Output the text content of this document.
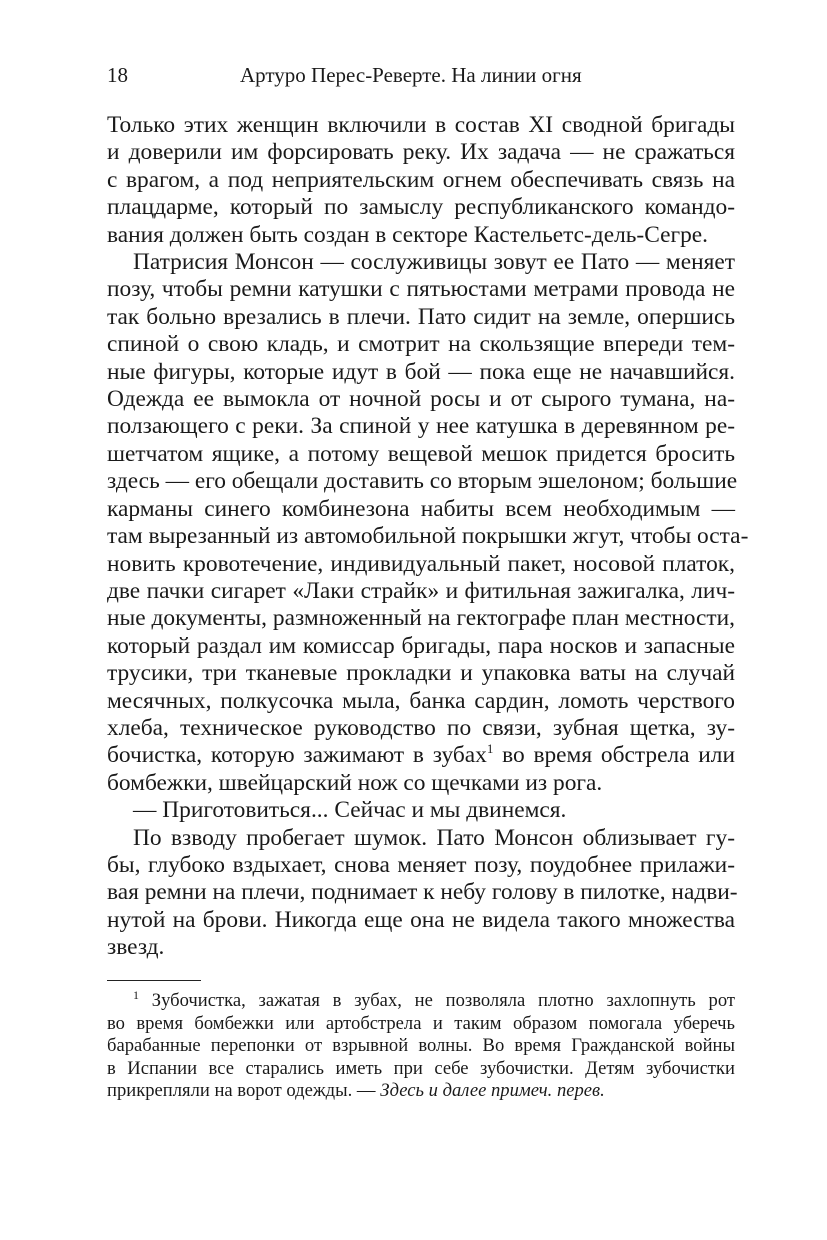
18	Артуро Перес-Реверте. На линии огня

Только этих женщин включили в состав XI сводной бригады
и доверили им форсировать реку. Их задача — не сражаться
с врагом, а под неприятельским огнем обеспечивать связь на
плацдарме, который по замыслу республиканского командо-
вания должен быть создан в секторе Кастельетс-дель-Сегре.

Патрисия Монсон — сослуживицы зовут ее Пато — меняет
позу, чтобы ремни катушки с пятьюстами метрами провода не
так больно врезались в плечи. Пато сидит на земле, опершись
спиной о свою кладь, и смотрит на скользящие впереди тем-
ные фигуры, которые идут в бой — пока еще не начавшийся.
Одежда ее вымокла от ночной росы и от сырого тумана, на-
ползающего с реки. За спиной у нее катушка в деревянном ре-
шетчатом ящике, а потому вещевой мешок придется бросить
здесь — его обещали доставить со вторым эшелоном; большие
карманы синего комбинезона набиты всем необходимым —
там вырезанный из автомобильной покрышки жгут, чтобы оста-
новить кровотечение, индивидуальный пакет, носовой платок,
две пачки сигарет «Лаки страйк» и фитильная зажигалка, лич-
ные документы, размноженный на гектографе план местности,
который раздал им комиссар бригады, пара носков и запасные
трусики, три тканевые прокладки и упаковка ваты на случай
месячных, полкусочка мыла, банка сардин, ломоть черствого
хлеба, техническое руководство по связи, зубная щетка, зу-
бочистка, которую зажимают в зубах$^1$ во время обстрела или
бомбежки, швейцарский нож со щечками из рога.

— Приготовиться... Сейчас и мы двинемся.

По взводу пробегает шумок. Пато Монсон облизывает гу-
бы, глубоко вздыхает, снова меняет позу, поудобнее прилажи-
вая ремни на плечи, поднимает к небу голову в пилотке, надви-
нутой на брови. Никогда еще она не видела такого множества
звезд.

$^1$ Зубочистка, зажатая в зубах, не позволяла плотно захлопнуть рот
во время бомбежки или артобстрела и таким образом помогала уберечь
барабанные перепонки от взрывной волны. Во время Гражданской войны
в Испании все старались иметь при себе зубочистки. Детям зубочистки
прикрепляли на ворот одежды. — Здесь и далее примеч. перев.
